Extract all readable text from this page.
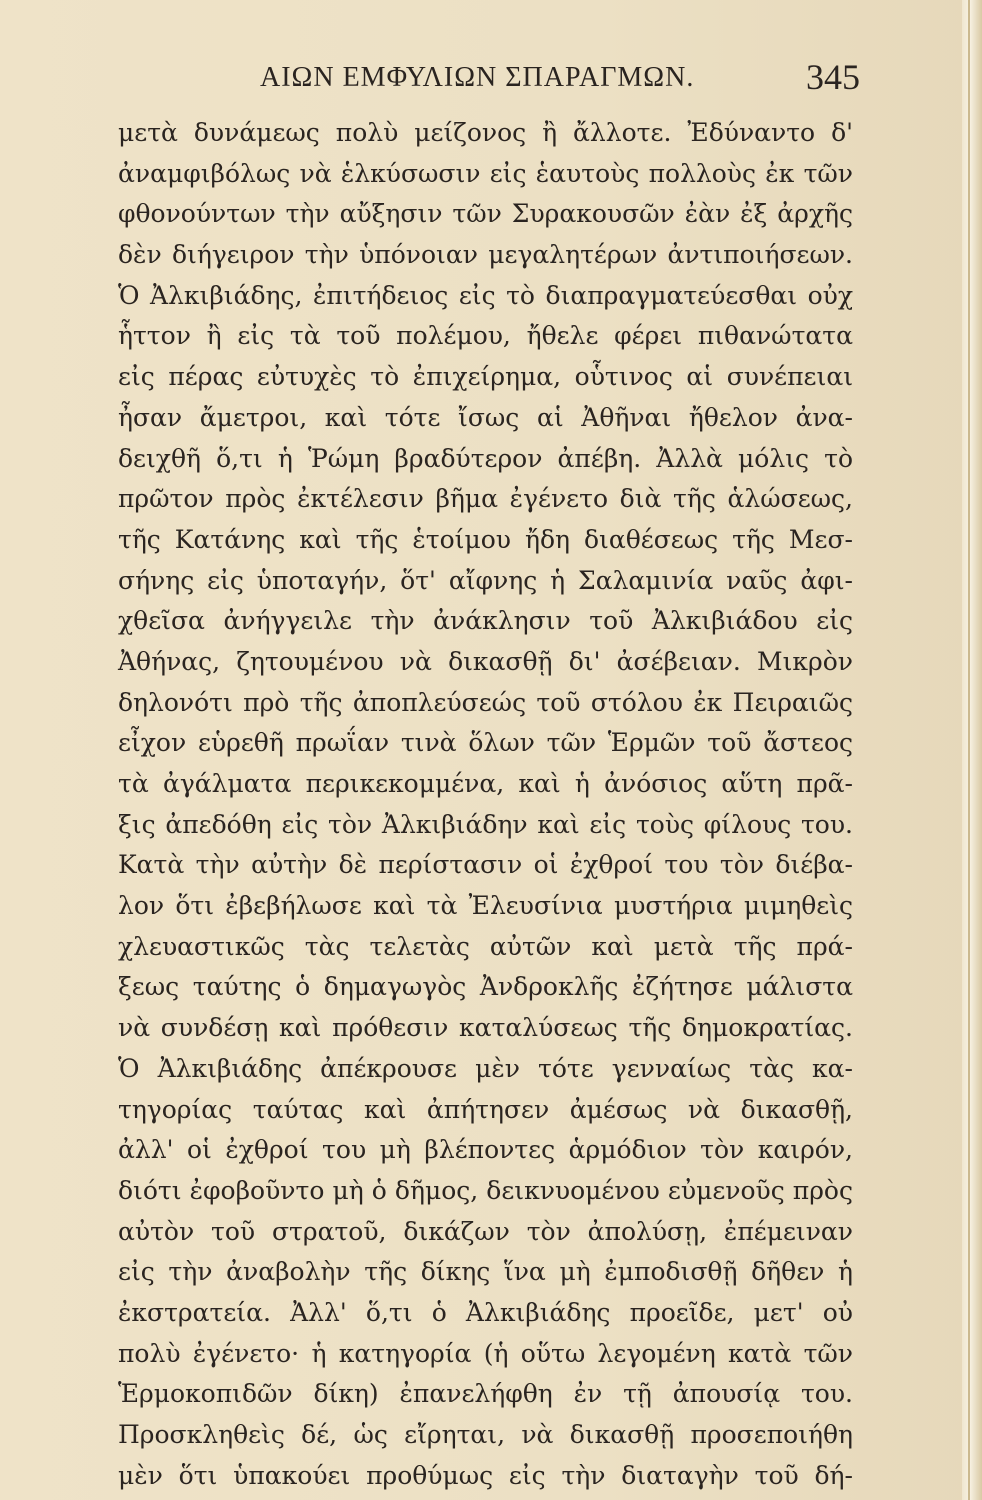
ΑΙΩΝ ΕΜΦΥΛΙΩΝ ΣΠΑΡΑΓΜΩΝ.	345
μετὰ δυνάμεως πολὺ μείζονος ἢ ἄλλοτε. Ἐδύναντο δ'
ἀναμφιβόλως νὰ ἑλκύσωσιν εἰς ἑαυτοὺς πολλοὺς ἐκ τῶν
φθονούντων τὴν αὔξησιν τῶν Συρακουσῶν ἐὰν ἐξ ἀρχῆς
δὲν διήγειρον τὴν ὑπόνοιαν μεγαλητέρων ἀντιποιήσεων.
Ὁ Ἀλκιβιάδης, ἐπιτήδειος εἰς τὸ διαπραγματεύεσθαι οὐχ
ἧττον ἢ εἰς τὰ τοῦ πολέμου, ἤθελε φέρει πιθανώτατα
εἰς πέρας εὐτυχὲς τὸ ἐπιχείρημα, οὗτινος αἱ συνέπειαι
ἦσαν ἄμετροι, καὶ τότε ἴσως αἱ Ἀθῆναι ἤθελον ἀνα-
δειχθῆ ὅ,τι ἡ Ῥώμη βραδύτερον ἀπέβη. Ἀλλὰ μόλις τὸ
πρῶτον πρὸς ἐκτέλεσιν βῆμα ἐγένετο διὰ τῆς ἁλώσεως,
τῆς Κατάνης καὶ τῆς ἑτοίμου ἤδη διαθέσεως τῆς Μεσ-
σήνης εἰς ὑποταγήν, ὅτ' αἴφνης ἡ Σαλαμινία ναῦς ἀφι-
χθεῖσα ἀνήγγειλε τὴν ἀνάκλησιν τοῦ Ἀλκιβιάδου εἰς
Ἀθήνας, ζητουμένου νὰ δικασθῇ δι' ἀσέβειαν. Μικρὸν
δηλονότι πρὸ τῆς ἀποπλεύσεώς τοῦ στόλου ἐκ Πειραιῶς
εἶχον εὑρεθῆ πρωΐαν τινὰ ὅλων τῶν Ἑρμῶν τοῦ ἄστεος
τὰ ἀγάλματα περικεκομμένα, καὶ ἡ ἀνόσιος αὕτη πρᾶ-
ξις ἀπεδόθη εἰς τὸν Ἀλκιβιάδην καὶ εἰς τοὺς φίλους του.
Κατὰ τὴν αὐτὴν δὲ περίστασιν οἱ ἐχθροί του τὸν διέβα-
λον ὅτι ἐβεβήλωσε καὶ τὰ Ἐλευσίνια μυστήρια μιμηθεὶς
χλευαστικῶς τὰς τελετὰς αὐτῶν καὶ μετὰ τῆς πρά-
ξεως ταύτης ὁ δημαγωγὸς Ἀνδροκλῆς ἐζήτησε μάλιστα
νὰ συνδέσῃ καὶ πρόθεσιν καταλύσεως τῆς δημοκρατίας.
Ὁ Ἀλκιβιάδης ἀπέκρουσε μὲν τότε γενναίως τὰς κα-
τηγορίας ταύτας καὶ ἀπήτησεν ἀμέσως νὰ δικασθῇ,
ἀλλ' οἱ ἐχθροί του μὴ βλέποντες ἁρμόδιον τὸν καιρόν,
διότι ἐφοβοῦντο μὴ ὁ δῆμος, δεικνυομένου εὐμενοῦς πρὸς
αὐτὸν τοῦ στρατοῦ, δικάζων τὸν ἀπολύσῃ, ἐπέμειναν
εἰς τὴν ἀναβολὴν τῆς δίκης ἵνα μὴ ἐμποδισθῇ δῆθεν ἡ
ἐκστρατεία. Ἀλλ' ὅ,τι ὁ Ἀλκιβιάδης προεῖδε, μετ' οὐ
πολὺ ἐγένετο· ἡ κατηγορία (ἡ οὕτω λεγομένη κατὰ τῶν
Ἑρμοκοπιδῶν δίκη) ἐπανελήφθη ἐν τῇ ἀπουσίᾳ του.
Προσκληθεὶς δέ, ὡς εἴρηται, νὰ δικασθῇ προσεποιήθη
μὲν ὅτι ὑπακούει προθύμως εἰς τὴν διαταγὴν τοῦ δή-
